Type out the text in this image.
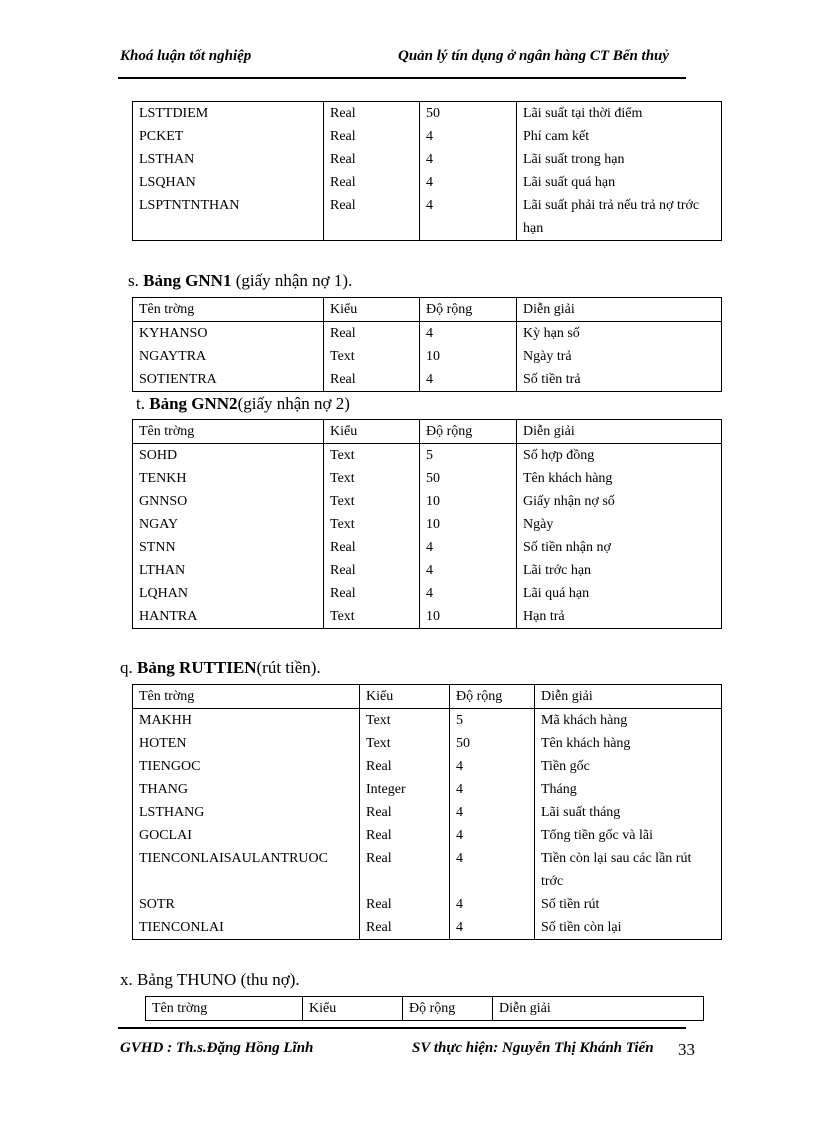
Khoá luận tốt nghiệp	Quản lý tín dụng ở ngân hàng CT Bến thuỷ
LSTTDIEM	Real	50	Lãi suất tại thời điểm
PCKET	Real	4	Phí cam kết
LSTHAN	Real	4	Lãi suất trong hạn
LSQHAN	Real	4	Lãi suất quá hạn
LSPTNTNTHAN	Real	4	Lãi suất phải trả nếu trả nợ trớc hạn
s. Bảng GNN1 (giấy nhận nợ 1).
Tên trờng	Kiểu	Độ rộng	Diễn giải
KYHANSO	Real	4	Kỳ hạn số
NGAYTRA	Text	10	Ngày trả
SOTIENTRA	Real	4	Số tiền trả
t. Bảng GNN2(giấy nhận nợ 2)
Tên trờng	Kiểu	Độ rộng	Diễn giải
SOHD	Text	5	Số hợp đồng
TENKH	Text	50	Tên khách hàng
GNNSO	Text	10	Giấy nhận nợ số
NGAY	Text	10	Ngày
STNN	Real	4	Số tiền nhận nợ
LTHAN	Real	4	Lãi trớc hạn
LQHAN	Real	4	Lãi quá hạn
HANTRA	Text	10	Hạn trả
q. Bảng RUTTIEN(rút tiền).
Tên trờng	Kiểu	Độ rộng	Diễn giải
MAKHH	Text	5	Mã khách hàng
HOTEN	Text	50	Tên khách hàng
TIENGOC	Real	4	Tiền gốc
THANG	Integer	4	Tháng
LSTHANG	Real	4	Lãi suất tháng
GOCLAI	Real	4	Tổng tiền gốc và lãi
TIENCONLAISAULANTRUOC	Real	4	Tiền còn lại sau các lần rút trớc
SOTR	Real	4	Số tiền rút
TIENCONLAI	Real	4	Số tiền còn lại
x. Bảng THUNO (thu nợ).
Tên trờng	Kiểu	Độ rộng	Diễn giải
GVHD : Th.s.Đặng Hồng Lĩnh	SV thực hiện: Nguyễn Thị Khánh Tiến 33
